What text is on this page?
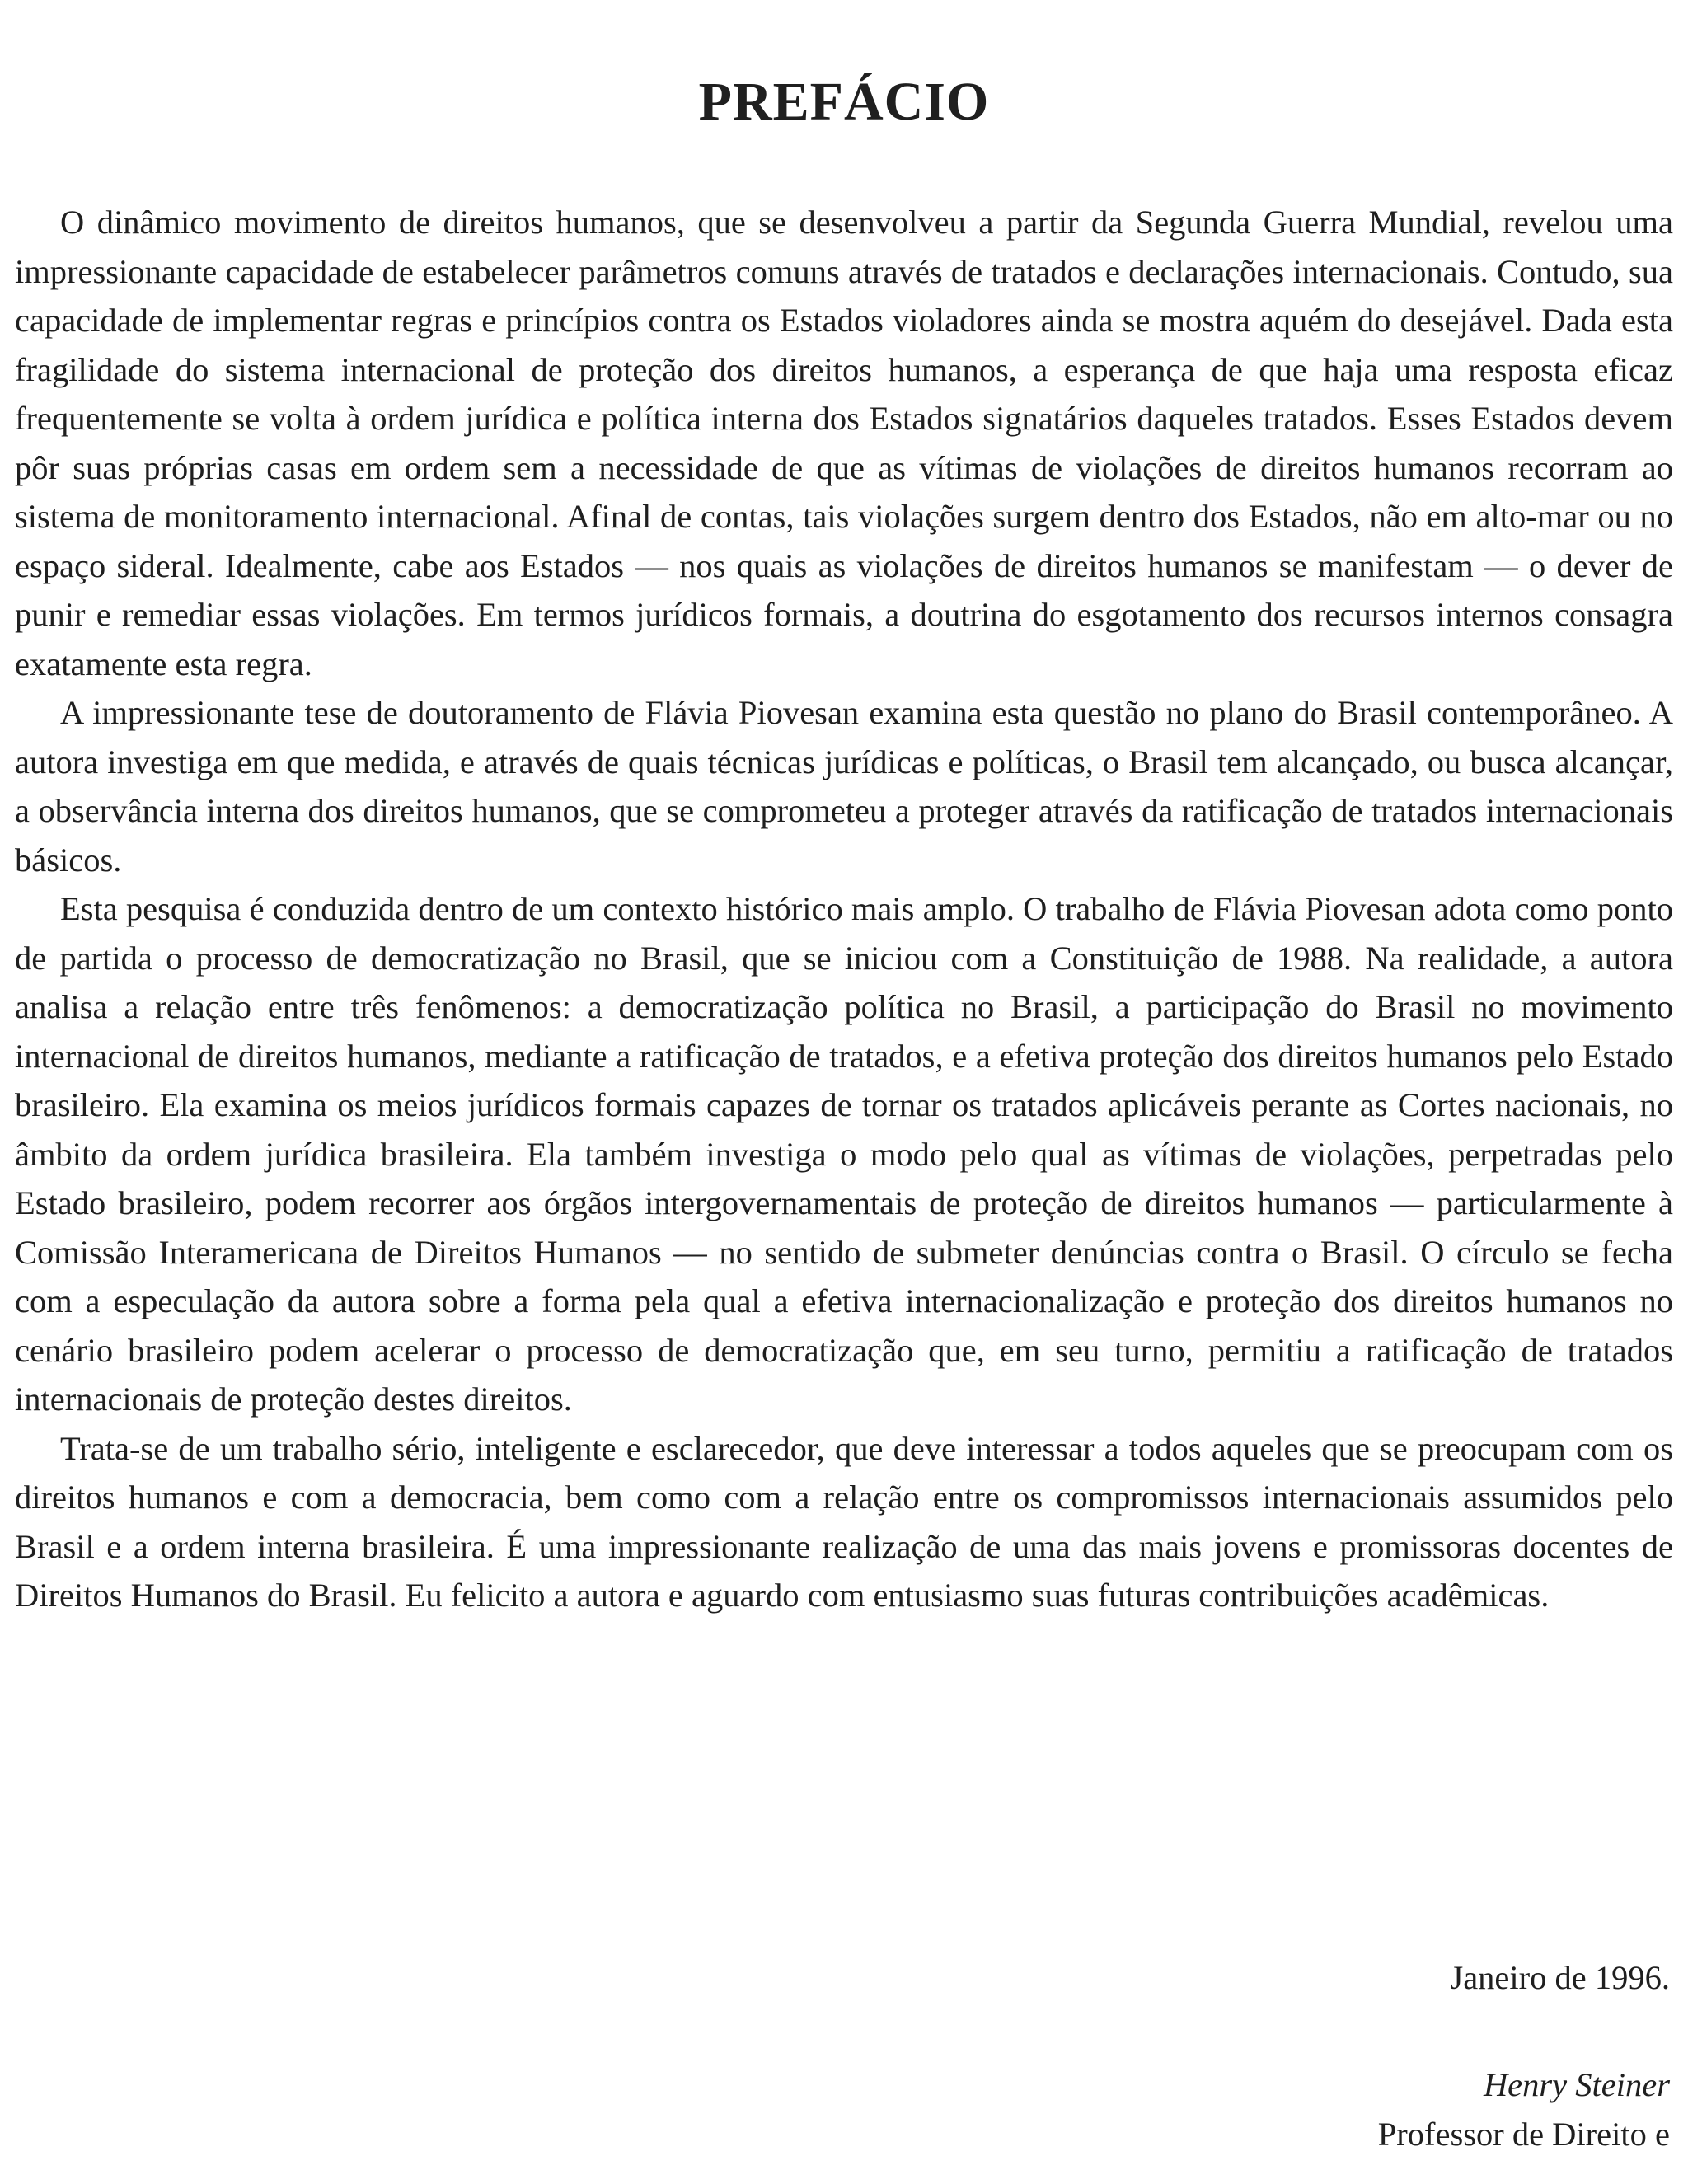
PREFÁCIO

O dinâmico movimento de direitos humanos, que se desenvolveu a partir da Segunda Guerra Mundial, revelou uma impressionante capacidade de estabelecer parâmetros comuns através de tratados e declarações internacionais. Contudo, sua capacidade de implementar regras e princípios contra os Estados violadores ainda se mostra aquém do desejável. Dada esta fragilidade do sistema internacional de proteção dos direitos humanos, a esperança de que haja uma resposta eficaz frequentemente se volta à ordem jurídica e política interna dos Estados signatários daqueles tratados. Esses Estados devem pôr suas próprias casas em ordem sem a necessidade de que as vítimas de violações de direitos humanos recorram ao sistema de monitoramento internacional. Afinal de contas, tais violações surgem dentro dos Estados, não em alto-mar ou no espaço sideral. Idealmente, cabe aos Estados — nos quais as violações de direitos humanos se manifestam — o dever de punir e remediar essas violações. Em termos jurídicos formais, a doutrina do esgotamento dos recursos internos consagra exatamente esta regra.

A impressionante tese de doutoramento de Flávia Piovesan examina esta questão no plano do Brasil contemporâneo. A autora investiga em que medida, e através de quais técnicas jurídicas e políticas, o Brasil tem alcançado, ou busca alcançar, a observância interna dos direitos humanos, que se comprometeu a proteger através da ratificação de tratados internacionais básicos.

Esta pesquisa é conduzida dentro de um contexto histórico mais amplo. O trabalho de Flávia Piovesan adota como ponto de partida o processo de democratização no Brasil, que se iniciou com a Constituição de 1988. Na realidade, a autora analisa a relação entre três fenômenos: a democratização política no Brasil, a participação do Brasil no movimento internacional de direitos humanos, mediante a ratificação de tratados, e a efetiva proteção dos direitos humanos pelo Estado brasileiro. Ela examina os meios jurídicos formais capazes de tornar os tratados aplicáveis perante as Cortes nacionais, no âmbito da ordem jurídica brasileira. Ela também investiga o modo pelo qual as vítimas de violações, perpetradas pelo Estado brasileiro, podem recorrer aos órgãos intergovernamentais de proteção de direitos humanos — particularmente à Comissão Interamericana de Direitos Humanos — no sentido de submeter denúncias contra o Brasil. O círculo se fecha com a especulação da autora sobre a forma pela qual a efetiva internacionalização e proteção dos direitos humanos no cenário brasileiro podem acelerar o processo de democratização que, em seu turno, permitiu a ratificação de tratados internacionais de proteção destes direitos.

Trata-se de um trabalho sério, inteligente e esclarecedor, que deve interessar a todos aqueles que se preocupam com os direitos humanos e com a democracia, bem como com a relação entre os compromissos internacionais assumidos pelo Brasil e a ordem interna brasileira. É uma impressionante realização de uma das mais jovens e promissoras docentes de Direitos Humanos do Brasil. Eu felicito a autora e aguardo com entusiasmo suas futuras contribuições acadêmicas.

Janeiro de 1996.

Henry Steiner

Professor de Direito e
